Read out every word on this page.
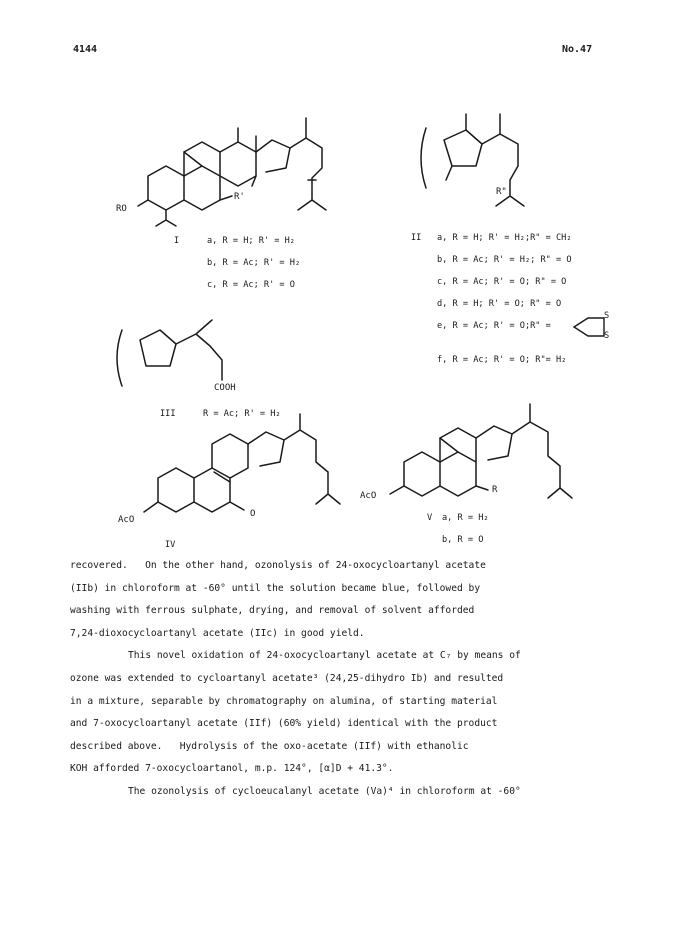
4144	No.47
RO
R'	R"
COOH
AcO
O
AcO
R
I	a, R = H; R' = H₂
b, R = Ac; R' = H₂
c, R = Ac; R' = O
II a, R = H; R' = H₂;R" = CH₂
b, R = Ac; R' = H₂; R" = O
c, R = Ac; R' = O; R" = O
d, R = H; R' = O; R" = O
e, R = Ac; R' = O;R" =
S
S
f, R = Ac; R' = O; R"= H₂
III	R = Ac; R' = H₂
IV
V a, R = H₂
b, R = O

recovered.   On the other hand, ozonolysis of 24-oxocycloartanyl acetate

(IIb) in chloroform at -60° until the solution became blue, followed by

washing with ferrous sulphate, drying, and removal of solvent afforded

7,24-dioxocycloartanyl acetate (IIc) in good yield.

This novel oxidation of 24-oxocycloartanyl acetate at C₇ by means of

ozone was extended to cycloartanyl acetate³ (24,25-dihydro Ib) and resulted

in a mixture, separable by chromatography on alumina, of starting material

and 7-oxocycloartanyl acetate (IIf) (60% yield) identical with the product

described above.   Hydrolysis of the oxo-acetate (IIf) with ethanolic

KOH afforded 7-oxocycloartanol, m.p. 124°, [α]D + 41.3°.

The ozonolysis of cycloeucalanyl acetate (Va)⁴ in chloroform at -60°
